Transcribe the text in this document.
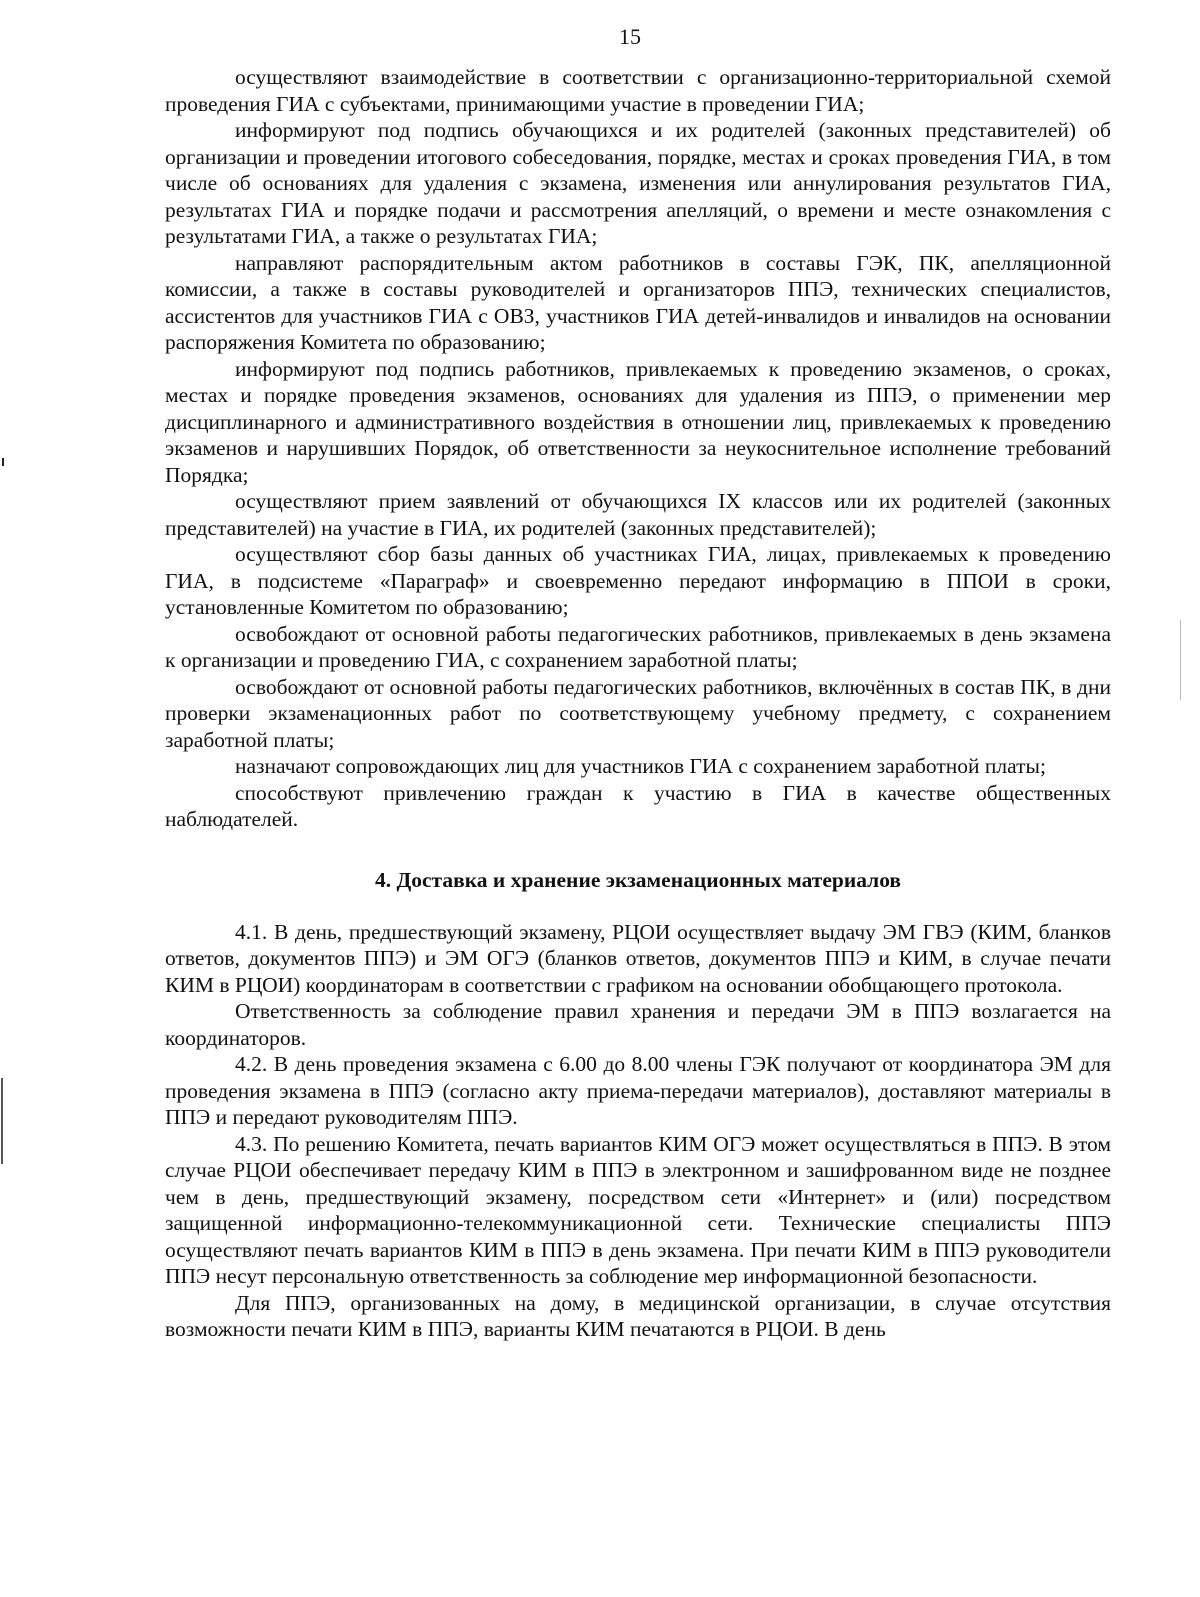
15

осуществляют взаимодействие в соответствии с организационно-территориальной схемой проведения ГИА с субъектами, принимающими участие в проведении ГИА;

информируют под подпись обучающихся и их родителей (законных представителей) об организации и проведении итогового собеседования, порядке, местах и сроках проведения ГИА, в том числе об основаниях для удаления с экзамена, изменения или аннулирования результатов ГИА, результатах ГИА и порядке подачи и рассмотрения апелляций, о времени и месте ознакомления с результатами ГИА, а также о результатах ГИА;

направляют распорядительным актом работников в составы ГЭК, ПК, апелляционной комиссии, а также в составы руководителей и организаторов ППЭ, технических специалистов, ассистентов для участников ГИА с ОВЗ, участников ГИА детей-инвалидов и инвалидов на основании распоряжения Комитета по образованию;

информируют под подпись работников, привлекаемых к проведению экзаменов, о сроках, местах и порядке проведения экзаменов, основаниях для удаления из ППЭ, о применении мер дисциплинарного и административного воздействия в отношении лиц, привлекаемых к проведению экзаменов и нарушивших Порядок, об ответственности за неукоснительное исполнение требований Порядка;

осуществляют прием заявлений от обучающихся IX классов или их родителей (законных представителей) на участие в ГИА, их родителей (законных представителей);

осуществляют сбор базы данных об участниках ГИА, лицах, привлекаемых к проведению ГИА, в подсистеме «Параграф» и своевременно передают информацию в ППОИ в сроки, установленные Комитетом по образованию;

освобождают от основной работы педагогических работников, привлекаемых в день экзамена к организации и проведению ГИА, с сохранением заработной платы;

освобождают от основной работы педагогических работников, включённых в состав ПК, в дни проверки экзаменационных работ по соответствующему учебному предмету, с сохранением заработной платы;

назначают сопровождающих лиц для участников ГИА с сохранением заработной платы;

способствуют привлечению граждан к участию в ГИА в качестве общественных наблюдателей.

4. Доставка и хранение экзаменационных материалов

4.1. В день, предшествующий экзамену, РЦОИ осуществляет выдачу ЭМ ГВЭ (КИМ, бланков ответов, документов ППЭ) и ЭМ ОГЭ (бланков ответов, документов ППЭ и КИМ, в случае печати КИМ в РЦОИ) координаторам в соответствии с графиком на основании обобщающего протокола.

Ответственность за соблюдение правил хранения и передачи ЭМ в ППЭ возлагается на координаторов.

4.2. В день проведения экзамена с 6.00 до 8.00 члены ГЭК получают от координатора ЭМ для проведения экзамена в ППЭ (согласно акту приема-передачи материалов), доставляют материалы в ППЭ и передают руководителям ППЭ.

4.3. По решению Комитета, печать вариантов КИМ ОГЭ может осуществляться в ППЭ. В этом случае РЦОИ обеспечивает передачу КИМ в ППЭ в электронном и зашифрованном виде не позднее чем в день, предшествующий экзамену, посредством сети «Интернет» и (или) посредством защищенной информационно-телекоммуникационной сети. Технические специалисты ППЭ осуществляют печать вариантов КИМ в ППЭ в день экзамена. При печати КИМ в ППЭ руководители ППЭ несут персональную ответственность за соблюдение мер информационной безопасности.

Для ППЭ, организованных на дому, в медицинской организации, в случае отсутствия возможности печати КИМ в ППЭ, варианты КИМ печатаются в РЦОИ. В день
